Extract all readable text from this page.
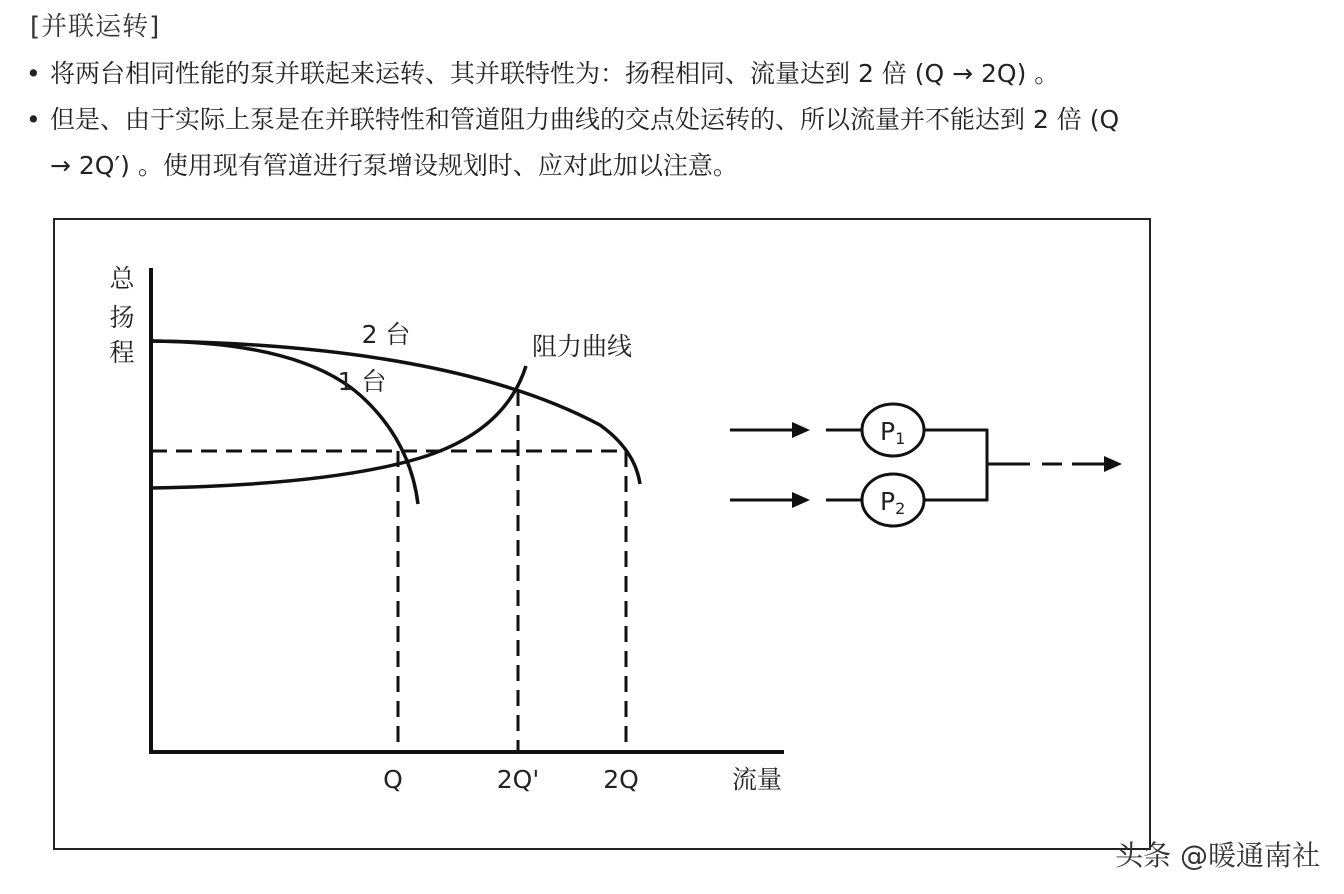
[并联运转]
• 将两台相同性能的泵并联起来运转、其并联特性为：扬程相同、流量达到 2 倍 (Q → 2Q) 。
• 但是、由于实际上泵是在并联特性和管道阻力曲线的交点处运转的、所以流量并不能达到 2 倍 (Q
→ 2Q′) 。使用现有管道进行泵增设规划时、应对此加以注意。
总
扬
程
流量
2 台
1 台
阻力曲线
Q	2Q'	2Q
P1
P2
头条 @暖通南社
